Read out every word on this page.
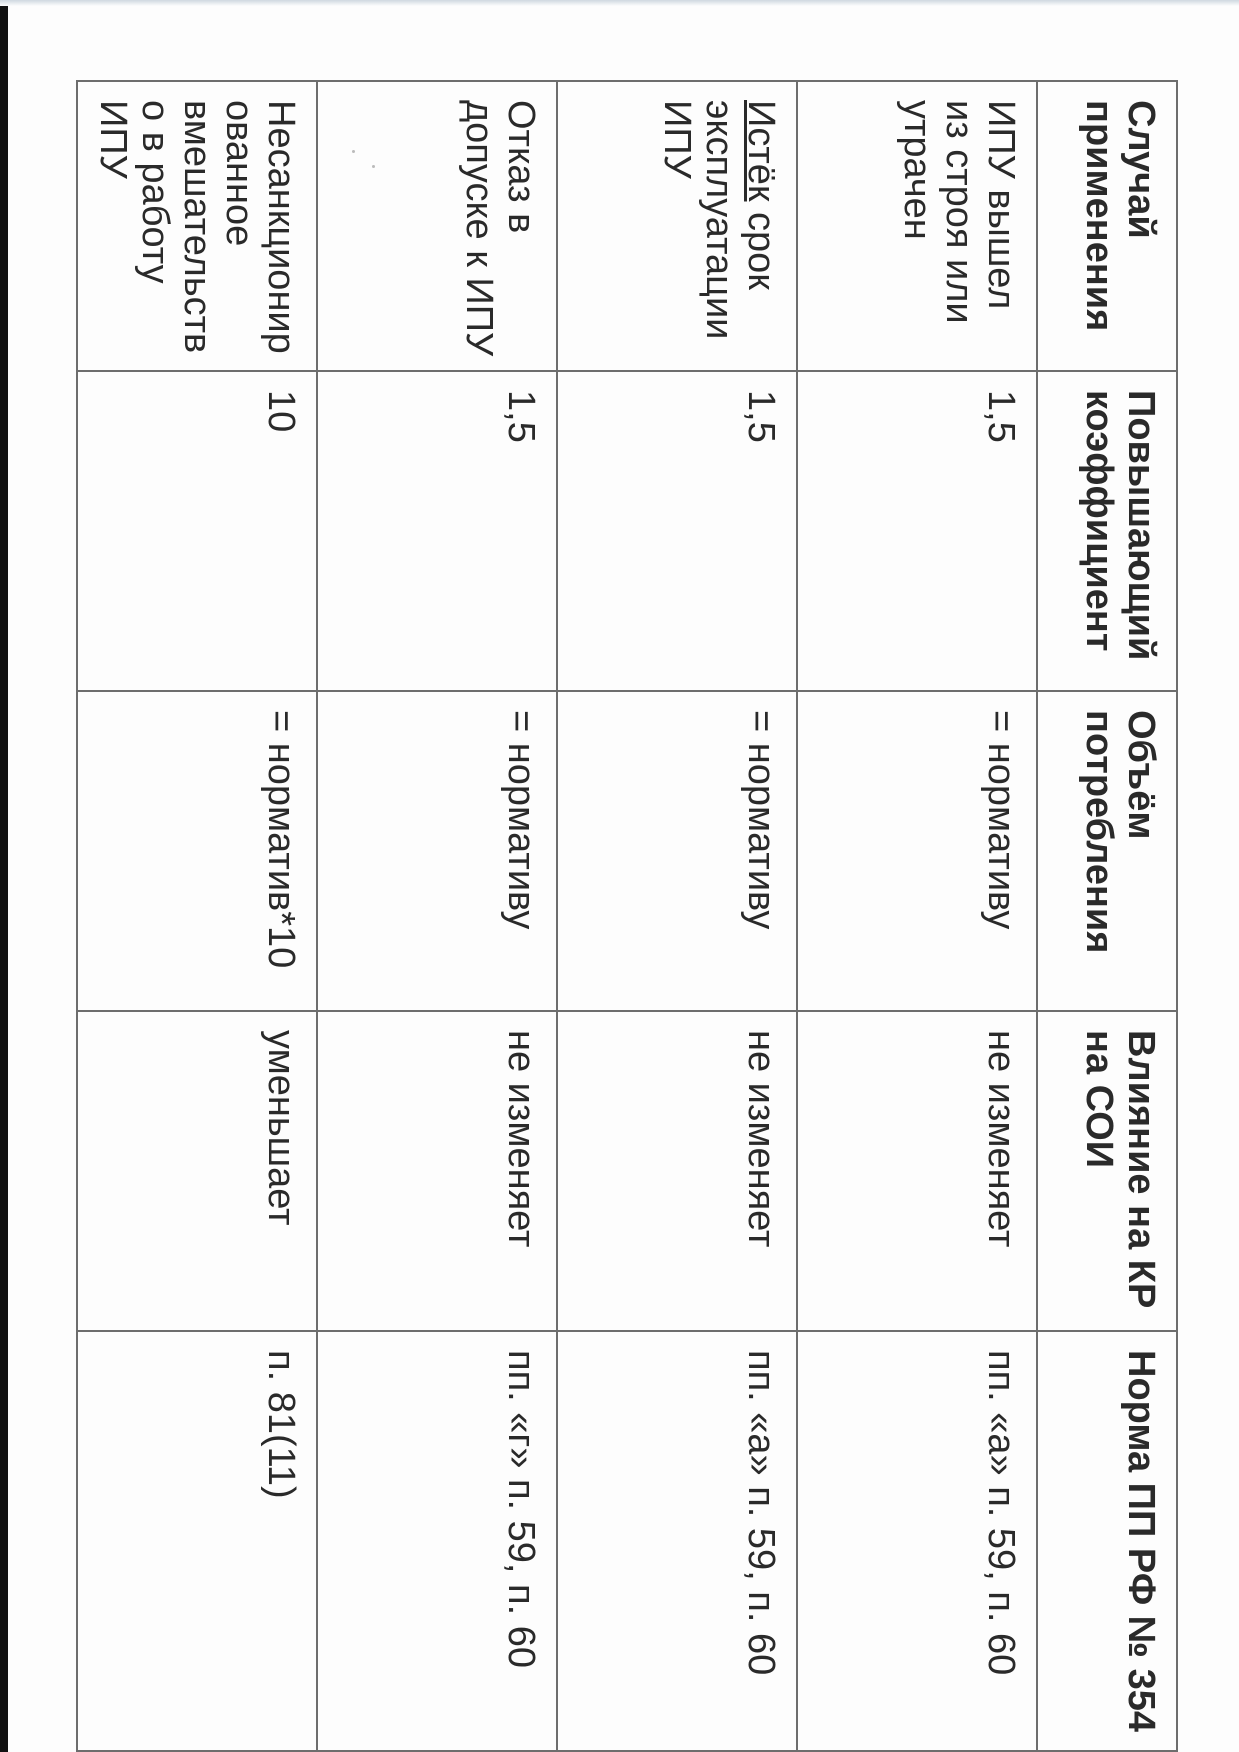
Случай применения	Повышающий коэффициент	Объём потребления	Влияние на КР на СОИ	Норма ПП РФ № 354
ИПУ вышел из строя или утрачен	1,5	= нормативу	не изменяет	пп. «а» п. 59, п. 60
Истёк срок эксплуатации ИПУ	1,5	= нормативу	не изменяет	пп. «а» п. 59, п. 60
Отказ в допуске к ИПУ	1,5	= нормативу	не изменяет	пп. «г» п. 59, п. 60
Несанкционированное вмешательство в работу ИПУ	10	= норматив*10	уменьшает	п. 81(11)
